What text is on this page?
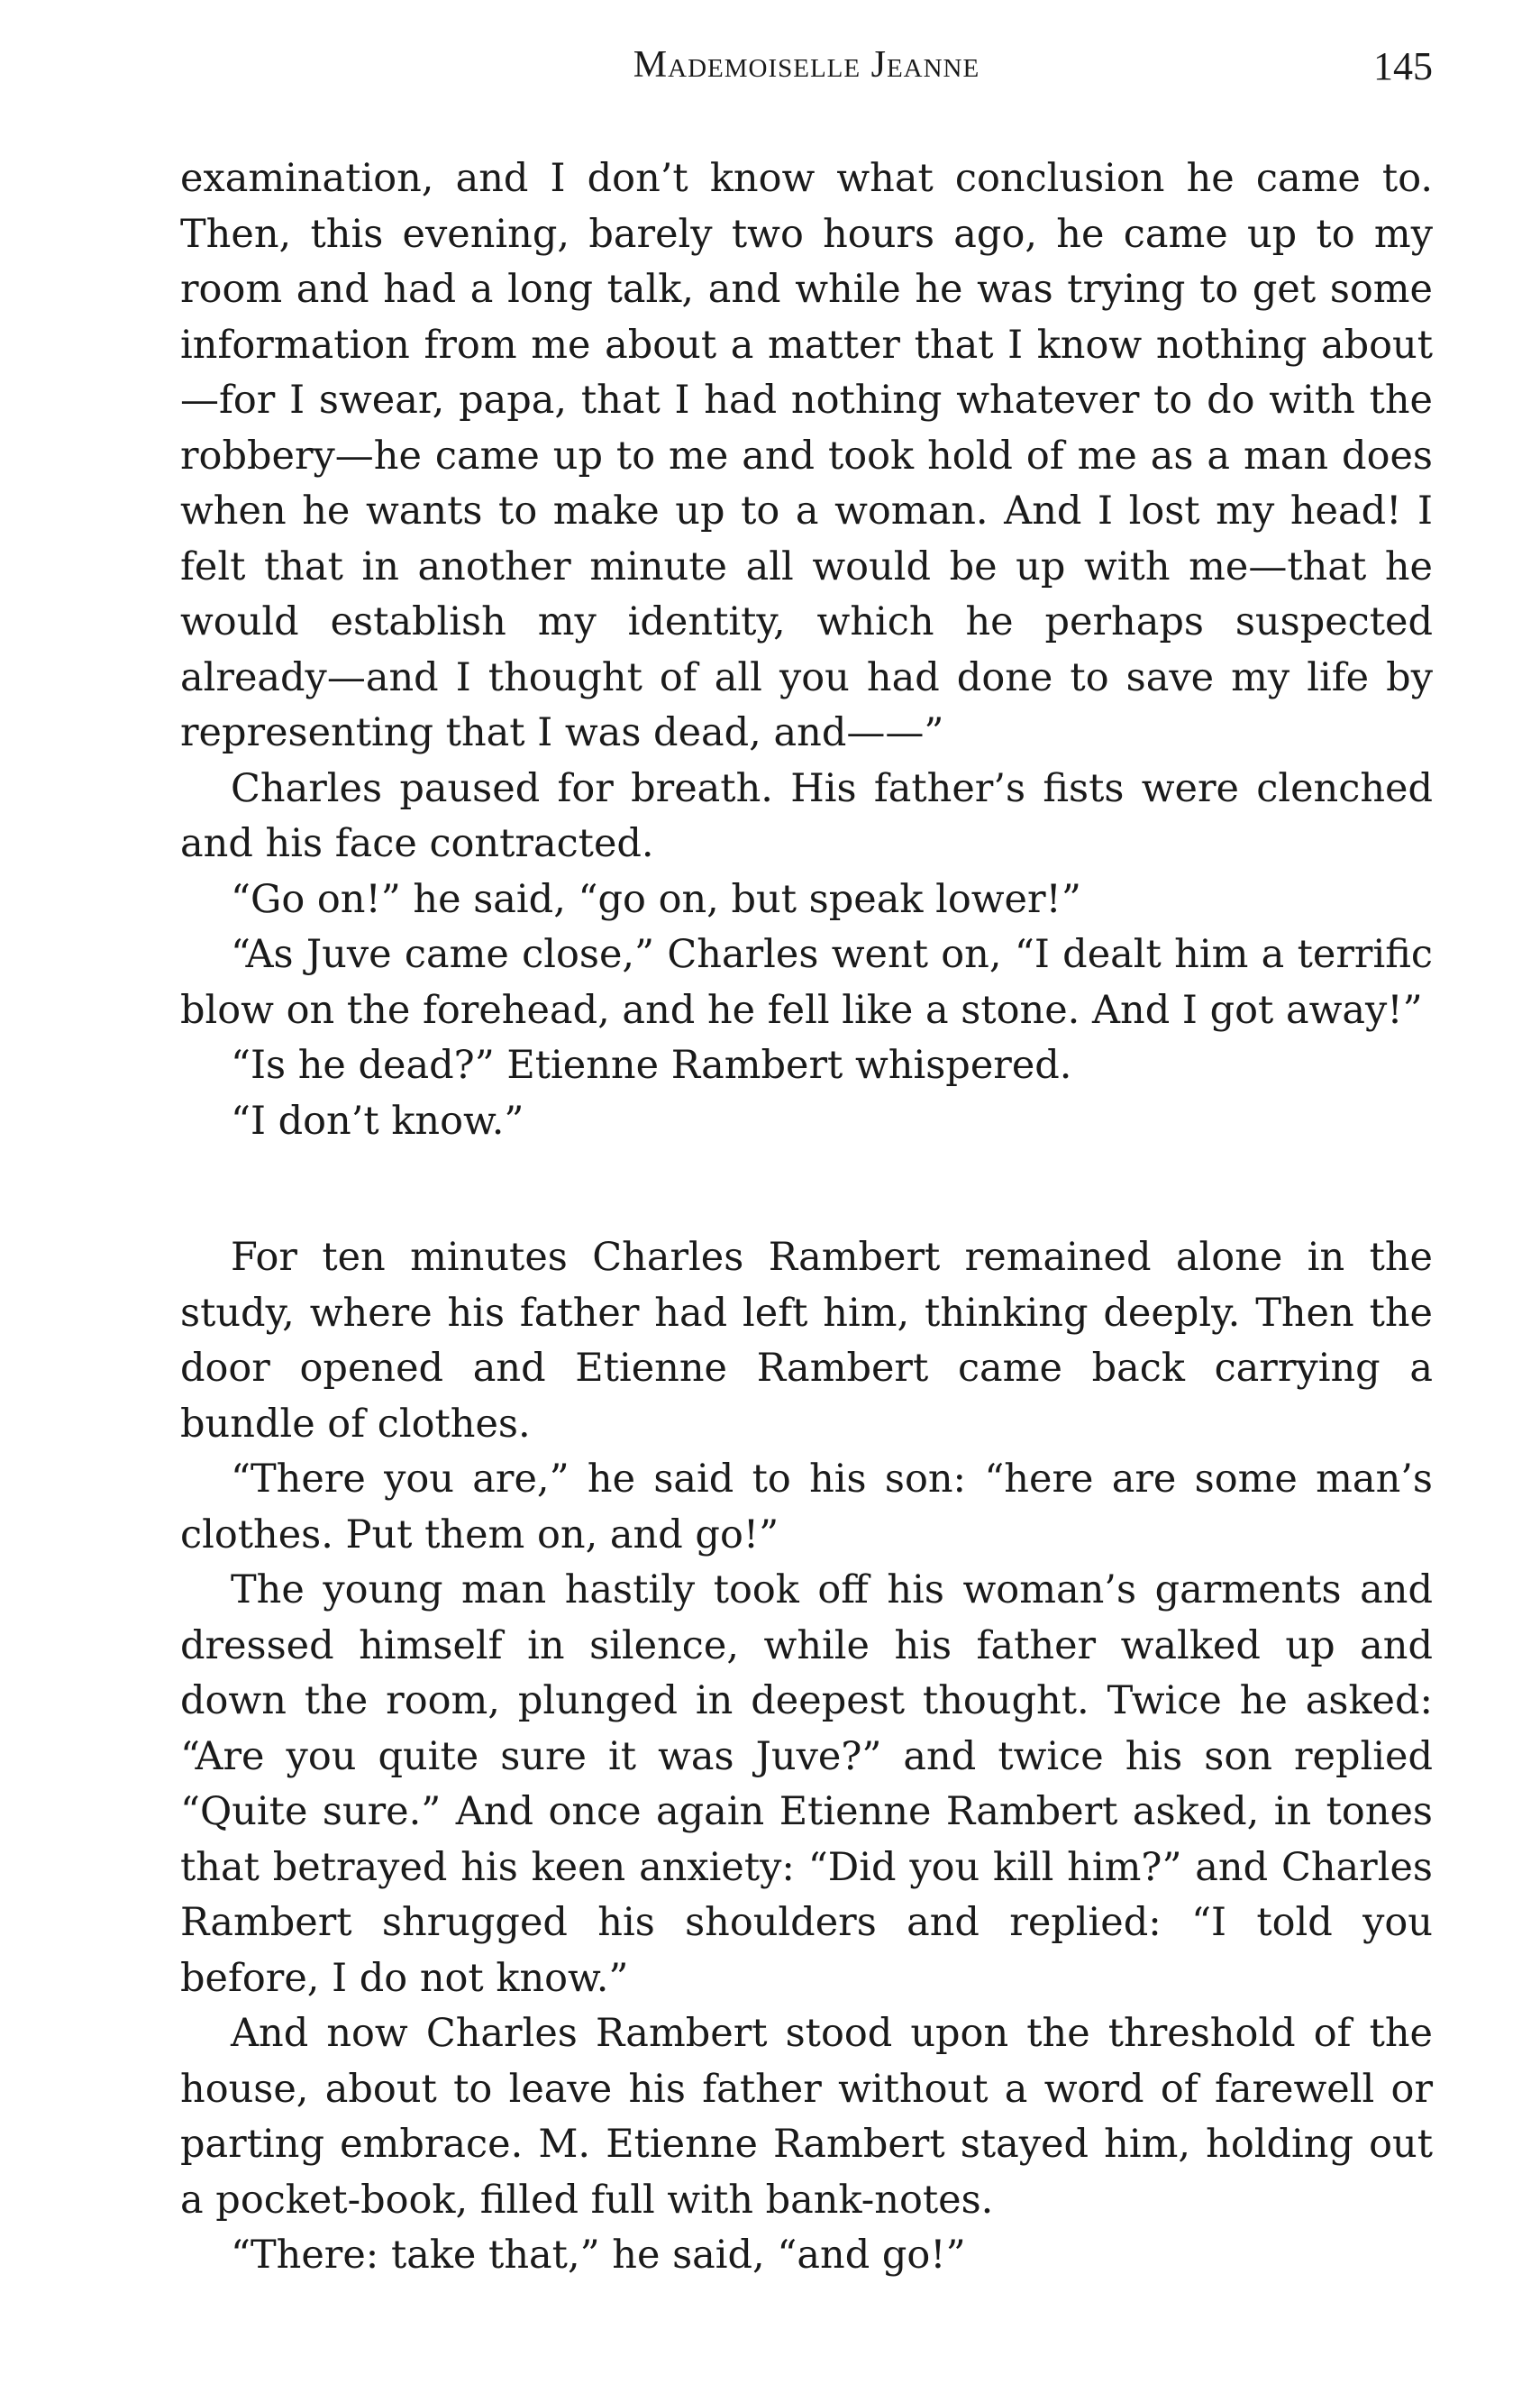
Mademoiselle Jeanne	145

examination, and I don’t know what conclusion he came to. Then, this evening, barely two hours ago, he came up to my room and had a long talk, and while he was trying to get some information from me about a matter that I know nothing about—for I swear, papa, that I had nothing whatever to do with the robbery—he came up to me and took hold of me as a man does when he wants to make up to a woman. And I lost my head! I felt that in another minute all would be up with me—that he would establish my identity, which he perhaps suspected already—and I thought of all you had done to save my life by representing that I was dead, and——”

Charles paused for breath. His father’s fists were clenched and his face contracted.

“Go on!” he said, “go on, but speak lower!”

“As Juve came close,” Charles went on, “I dealt him a terrific blow on the forehead, and he fell like a stone. And I got away!”

“Is he dead?” Etienne Rambert whispered.

“I don’t know.”

For ten minutes Charles Rambert remained alone in the study, where his father had left him, thinking deeply. Then the door opened and Etienne Rambert came back carrying a bundle of clothes.

“There you are,” he said to his son: “here are some man’s clothes. Put them on, and go!”

The young man hastily took off his woman’s garments and dressed himself in silence, while his father walked up and down the room, plunged in deepest thought. Twice he asked: “Are you quite sure it was Juve?” and twice his son replied “Quite sure.” And once again Etienne Rambert asked, in tones that betrayed his keen anxiety: “Did you kill him?” and Charles Rambert shrugged his shoulders and replied: “I told you before, I do not know.”

And now Charles Rambert stood upon the threshold of the house, about to leave his father without a word of farewell or parting embrace. M. Etienne Rambert stayed him, holding out a pocket-book, filled full with bank-notes.

“There: take that,” he said, “and go!”
